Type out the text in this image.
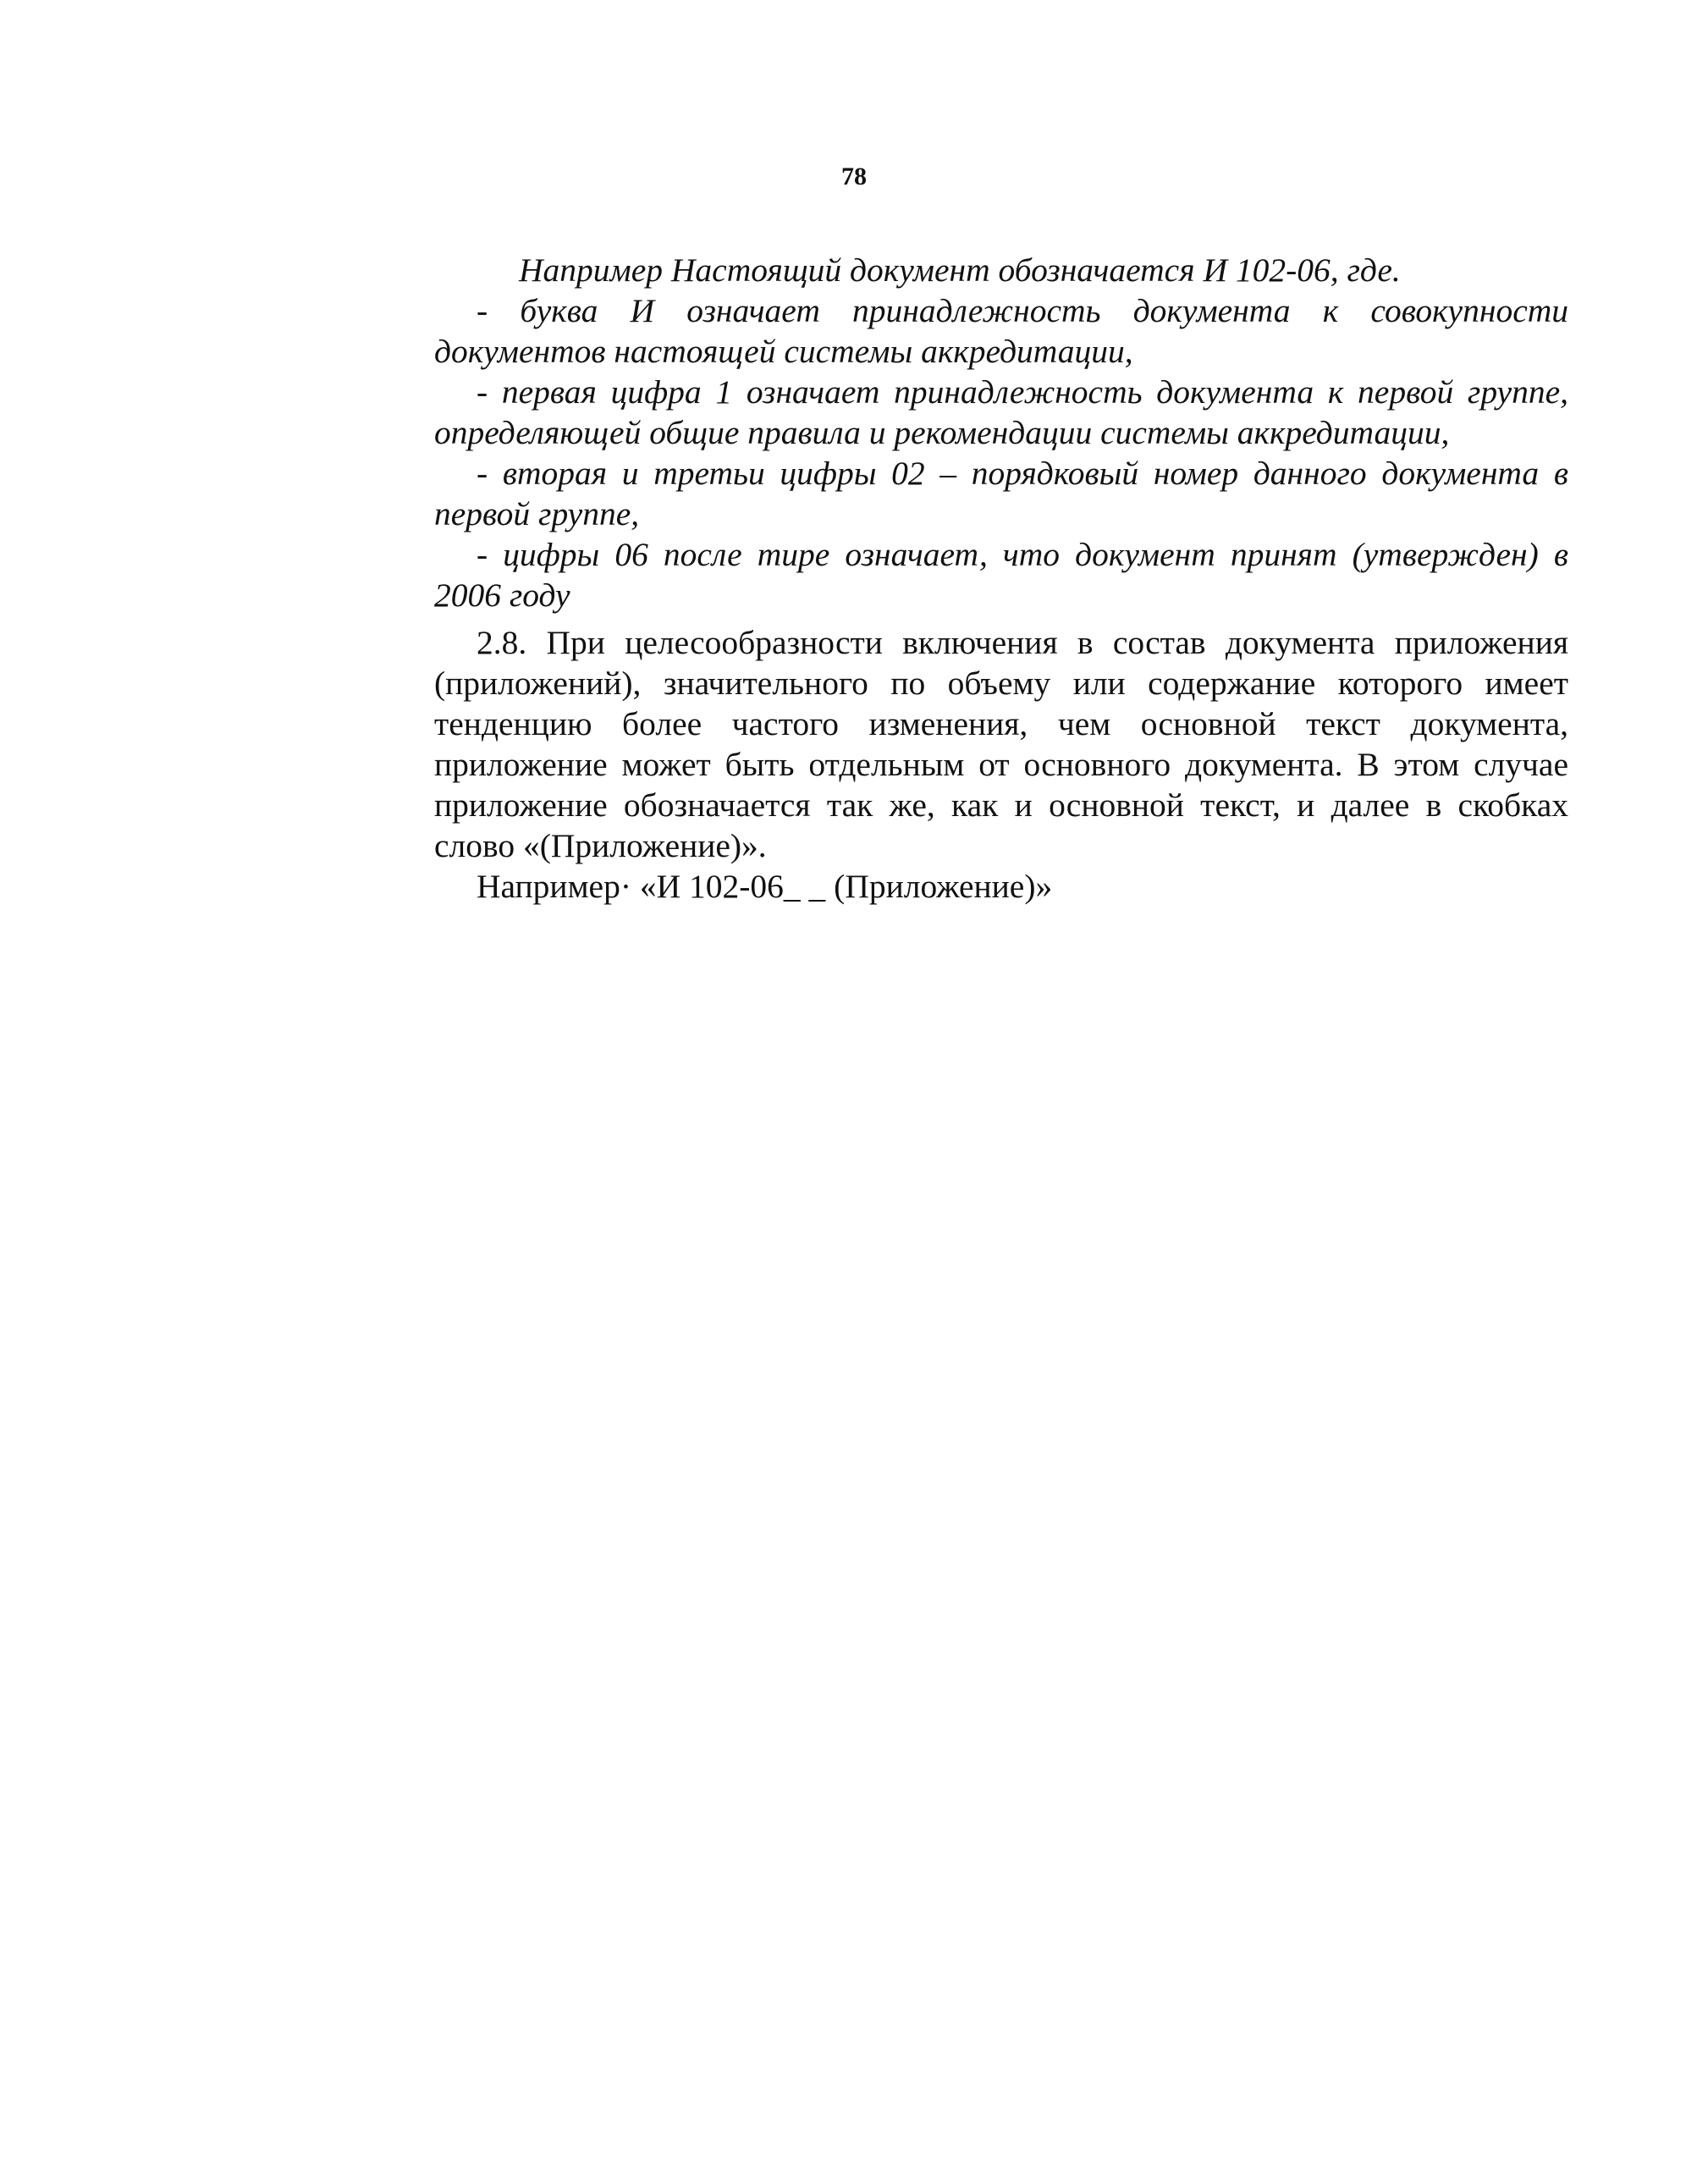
78

Например Настоящий документ обозначается И 102-06, где.

- буква И означает принадлежность документа к совокупности документов настоящей системы аккредитации,

- первая цифра 1 означает принадлежность документа к первой группе, определяющей общие правила и рекомендации системы аккредитации,

- вторая и третьи цифры 02 – порядковый номер данного документа в первой группе,

- цифры 06 после тире означает, что документ принят (утвержден) в 2006 году

2.8. При целесообразности включения в состав документа приложения (приложений), значительного по объему или содержание которого имеет тенденцию более частого изменения, чем основной текст документа, приложение может быть отдельным от основного документа. В этом случае приложение обозначается так же, как и основной текст, и далее в скобках слово «(Приложение)».

Например· «И 102-06_ _ (Приложение)»
